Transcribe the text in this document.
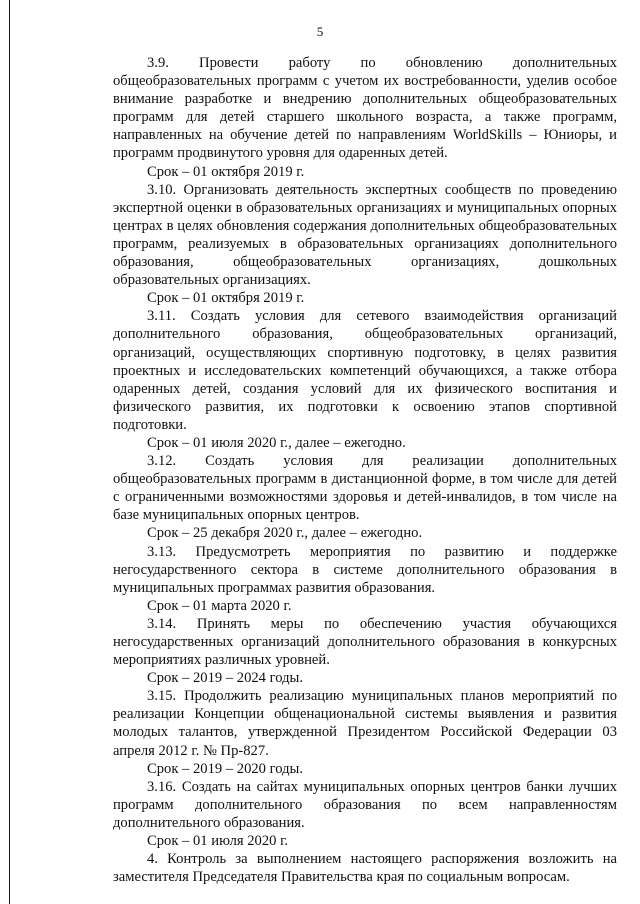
5

3.9. Провести работу по обновлению дополнительных общеобразовательных программ с учетом их востребованности, уделив особое внимание разработке и внедрению дополнительных общеобразовательных программ для детей старшего школьного возраста, а также программ, направленных на обучение детей по направлениям WorldSkills – Юниоры, и программ продвинутого уровня для одаренных детей.

Срок – 01 октября 2019 г.

3.10. Организовать деятельность экспертных сообществ по проведению экспертной оценки в образовательных организациях и муниципальных опорных центрах в целях обновления содержания дополнительных общеобразовательных программ, реализуемых в образовательных организациях дополнительного образования, общеобразовательных организациях, дошкольных образовательных организациях.

Срок – 01 октября 2019 г.

3.11. Создать условия для сетевого взаимодействия организаций дополнительного образования, общеобразовательных организаций, организаций, осуществляющих спортивную подготовку, в целях развития проектных и исследовательских компетенций обучающихся, а также отбора одаренных детей, создания условий для их физического воспитания и физического развития, их подготовки к освоению этапов спортивной подготовки.

Срок – 01 июля 2020 г., далее – ежегодно.

3.12. Создать условия для реализации дополнительных общеобразовательных программ в дистанционной форме, в том числе для детей с ограниченными возможностями здоровья и детей-инвалидов, в том числе на базе муниципальных опорных центров.

Срок – 25 декабря 2020 г., далее – ежегодно.

3.13. Предусмотреть мероприятия по развитию и поддержке негосударственного сектора в системе дополнительного образования в муниципальных программах развития образования.

Срок – 01 марта 2020 г.

3.14. Принять меры по обеспечению участия обучающихся негосударственных организаций дополнительного образования в конкурсных мероприятиях различных уровней.

Срок – 2019 – 2024 годы.

3.15. Продолжить реализацию муниципальных планов мероприятий по реализации Концепции общенациональной системы выявления и развития молодых талантов, утвержденной Президентом Российской Федерации 03 апреля 2012 г. № Пр-827.

Срок – 2019 – 2020 годы.

3.16. Создать на сайтах муниципальных опорных центров банки лучших программ дополнительного образования по всем направленностям дополнительного образования.

Срок – 01 июля 2020 г.

4. Контроль за выполнением настоящего распоряжения возложить на заместителя Председателя Правительства края по социальным вопросам.
